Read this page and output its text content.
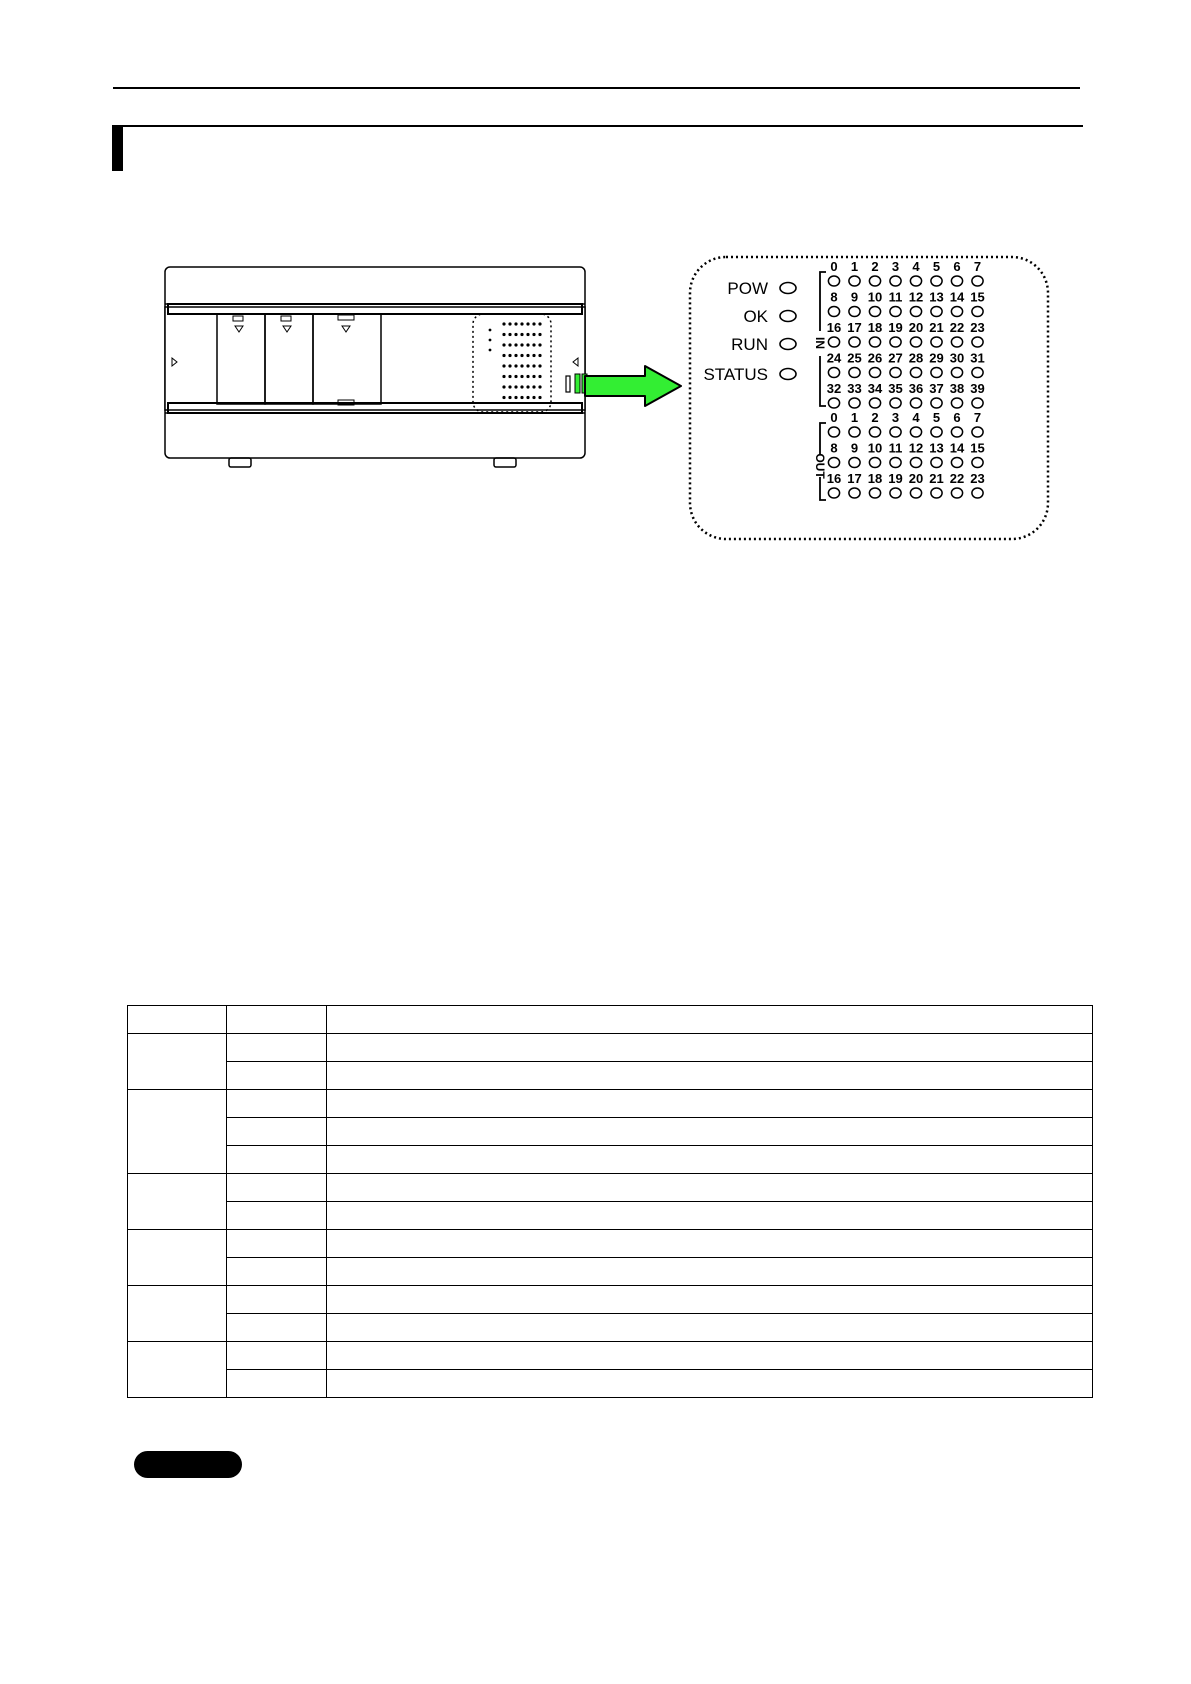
POW
OK
RUN
STATUS
0 1 2 3 4 5 6 7
8 9 10 11 12 13 14 15
16 17 18 19 20 21 22 23
24 25 26 27 28 29 30 31
32 33 34 35 36 37 38 39
0 1 2 3 4 5 6 7
8 9 10 11 12 13 14 15
16 17 18 19 20 21 22 23
IN
OUT
